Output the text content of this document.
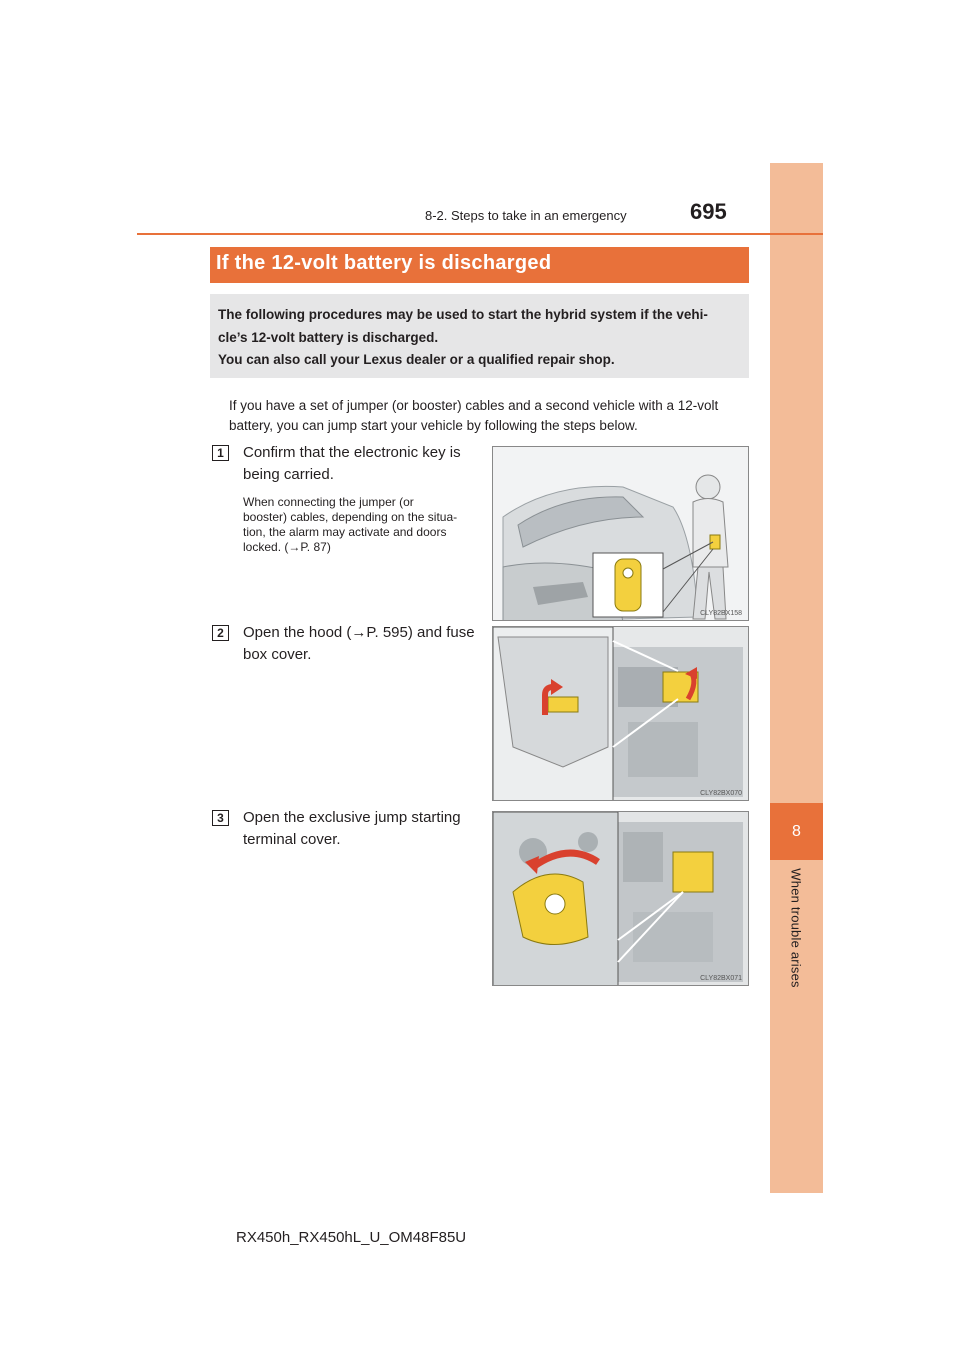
8
When trouble arises
8-2. Steps to take in an emergency	695
If the 12-volt battery is discharged
The following procedures may be used to start the hybrid system if the vehi-
cle’s 12-volt battery is discharged.
You can also call your Lexus dealer or a qualified repair shop.
If you have a set of jumper (or booster) cables and a second vehicle with a 12-volt
battery, you can jump start your vehicle by following the steps below.
1	Confirm that the electronic key is
being carried.
When connecting the jumper (or
booster) cables, depending on the situa-
tion, the alarm may activate and doors
locked. (→P. 87)
CLY82BX158
2	Open the hood (→P. 595) and fuse
box cover.
CLY82BX070
3	Open the exclusive jump starting
terminal cover.
CLY82BX071
RX450h_RX450hL_U_OM48F85U
